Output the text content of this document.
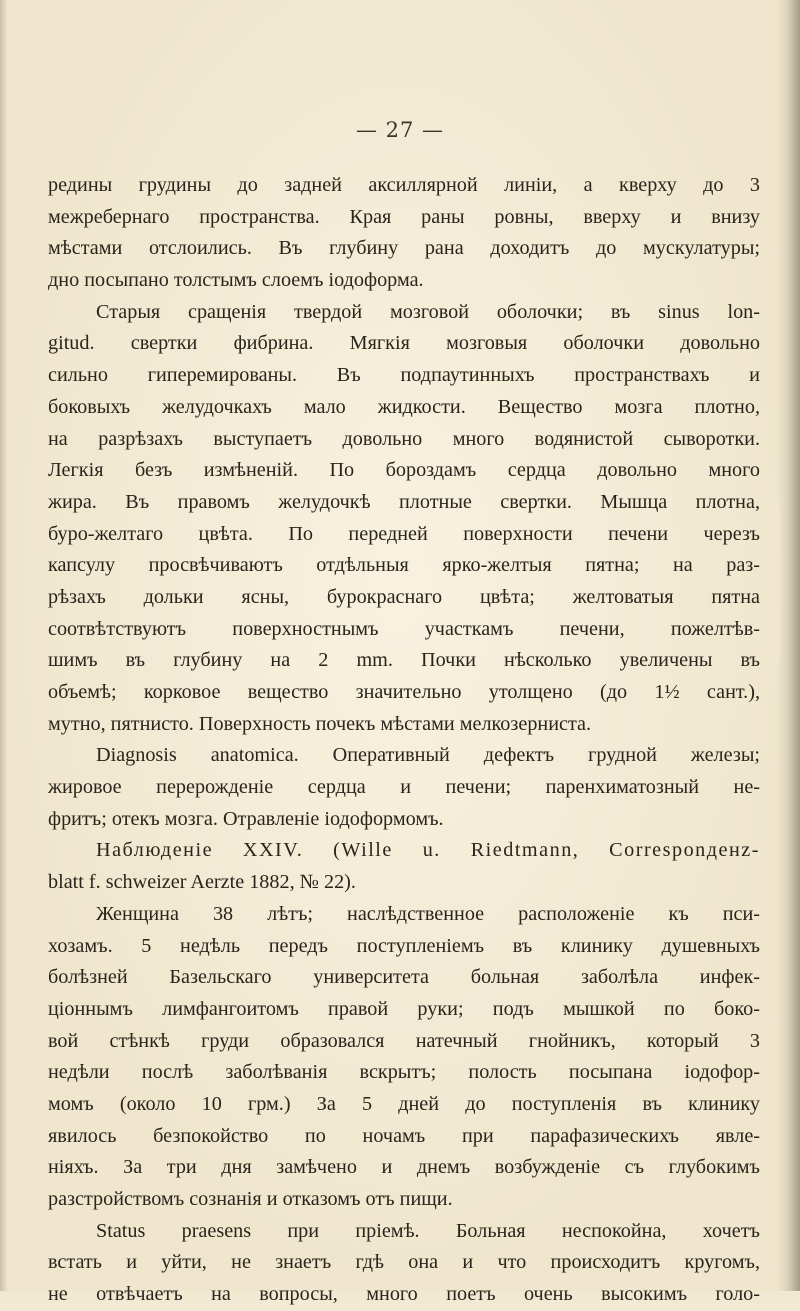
— 27 —
редины грудины до задней аксиллярной линіи, а кверху до 3
межребернаго пространства. Края раны ровны, вверху и внизу
мѣстами отслоились. Въ глубину рана доходитъ до мускулатуры;
дно посыпано толстымъ слоемъ іодоформа.
Старыя сращенія твердой мозговой оболочки; въ sinus lon-
gitud. свертки фибрина. Мягкія мозговыя оболочки довольно
сильно гиперемированы. Въ подпаутинныхъ пространствахъ и
боковыхъ желудочкахъ мало жидкости. Вещество мозга плотно,
на разрѣзахъ выступаетъ довольно много водянистой сыворотки.
Легкія безъ измѣненій. По бороздамъ сердца довольно много
жира. Въ правомъ желудочкѣ плотные свертки. Мышца плотна,
буро-желтаго цвѣта. По передней поверхности печени черезъ
капсулу просвѣчиваютъ отдѣльныя ярко-желтыя пятна; на раз-
рѣзахъ дольки ясны, бурокраснаго цвѣта; желтоватыя пятна
соотвѣтствуютъ поверхностнымъ участкамъ печени, пожелтѣв-
шимъ въ глубину на 2 mm. Почки нѣсколько увеличены въ
объемѣ; корковое вещество значительно утолщено (до 1½ сант.),
мутно, пятнисто. Поверхность почекъ мѣстами мелкозерниста.
Diagnosis anatomica. Оперативный дефектъ грудной железы;
жировое перерожденіе сердца и печени; паренхиматозный не-
фритъ; отекъ мозга. Отравленіе іодоформомъ.
Наблюденіе XXIV. (Wille u. Riedtmann, Corresponденz-
blatt f. schweizer Aerzte 1882, № 22).
Женщина 38 лѣтъ; наслѣдственное расположеніе къ пси-
хозамъ. 5 недѣль передъ поступленіемъ въ клинику душевныхъ
болѣзней Базельскаго университета больная заболѣла инфек-
ціоннымъ лимфангоитомъ правой руки; подъ мышкой по боко-
вой стѣнкѣ груди образовался натечный гнойникъ, который 3
недѣли послѣ заболѣванія вскрытъ; полость посыпана іодофор-
момъ (около 10 грм.) За 5 дней до поступленія въ клинику
явилось безпокойство по ночамъ при парафазическихъ явле-
ніяхъ. За три дня замѣчено и днемъ возбужденіе съ глубокимъ
разстройствомъ сознанія и отказомъ отъ пищи.
Status praesens при пріемѣ. Больная неспокойна, хочетъ
встать и уйти, не знаетъ гдѣ она и что происходитъ кругомъ,
не отвѣчаетъ на вопросы, много поетъ очень высокимъ голо-
